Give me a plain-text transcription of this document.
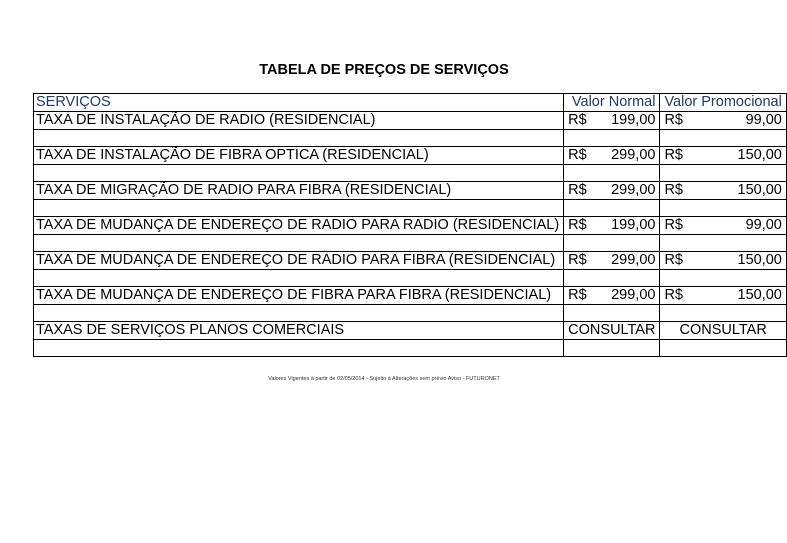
TABELA DE PREÇOS DE SERVIÇOS
SERVIÇOS	Valor Normal	Valor Promocional
TAXA DE INSTALAÇÃO DE RADIO (RESIDENCIAL)	R$ 199,00	R$ 99,00

TAXA DE INSTALAÇÃO DE FIBRA OPTICA (RESIDENCIAL)	R$ 299,00	R$ 150,00

TAXA DE MIGRAÇÃO DE RADIO PARA FIBRA (RESIDENCIAL)	R$ 299,00	R$ 150,00

TAXA DE MUDANÇA DE ENDEREÇO DE RADIO PARA RADIO (RESIDENCIAL)	R$ 199,00	R$ 99,00

TAXA DE MUDANÇA DE ENDEREÇO DE RADIO PARA FIBRA (RESIDENCIAL)	R$ 299,00	R$ 150,00

TAXA DE MUDANÇA DE ENDEREÇO DE FIBRA PARA FIBRA (RESIDENCIAL)	R$ 299,00	R$ 150,00

TAXAS DE SERVIÇOS PLANOS COMERCIAIS	CONSULTAR	CONSULTAR

Valores Vigentes à partir de 02/05/2014 - Sujeito à Alterações sem prévio Aviso - FUTURONET
